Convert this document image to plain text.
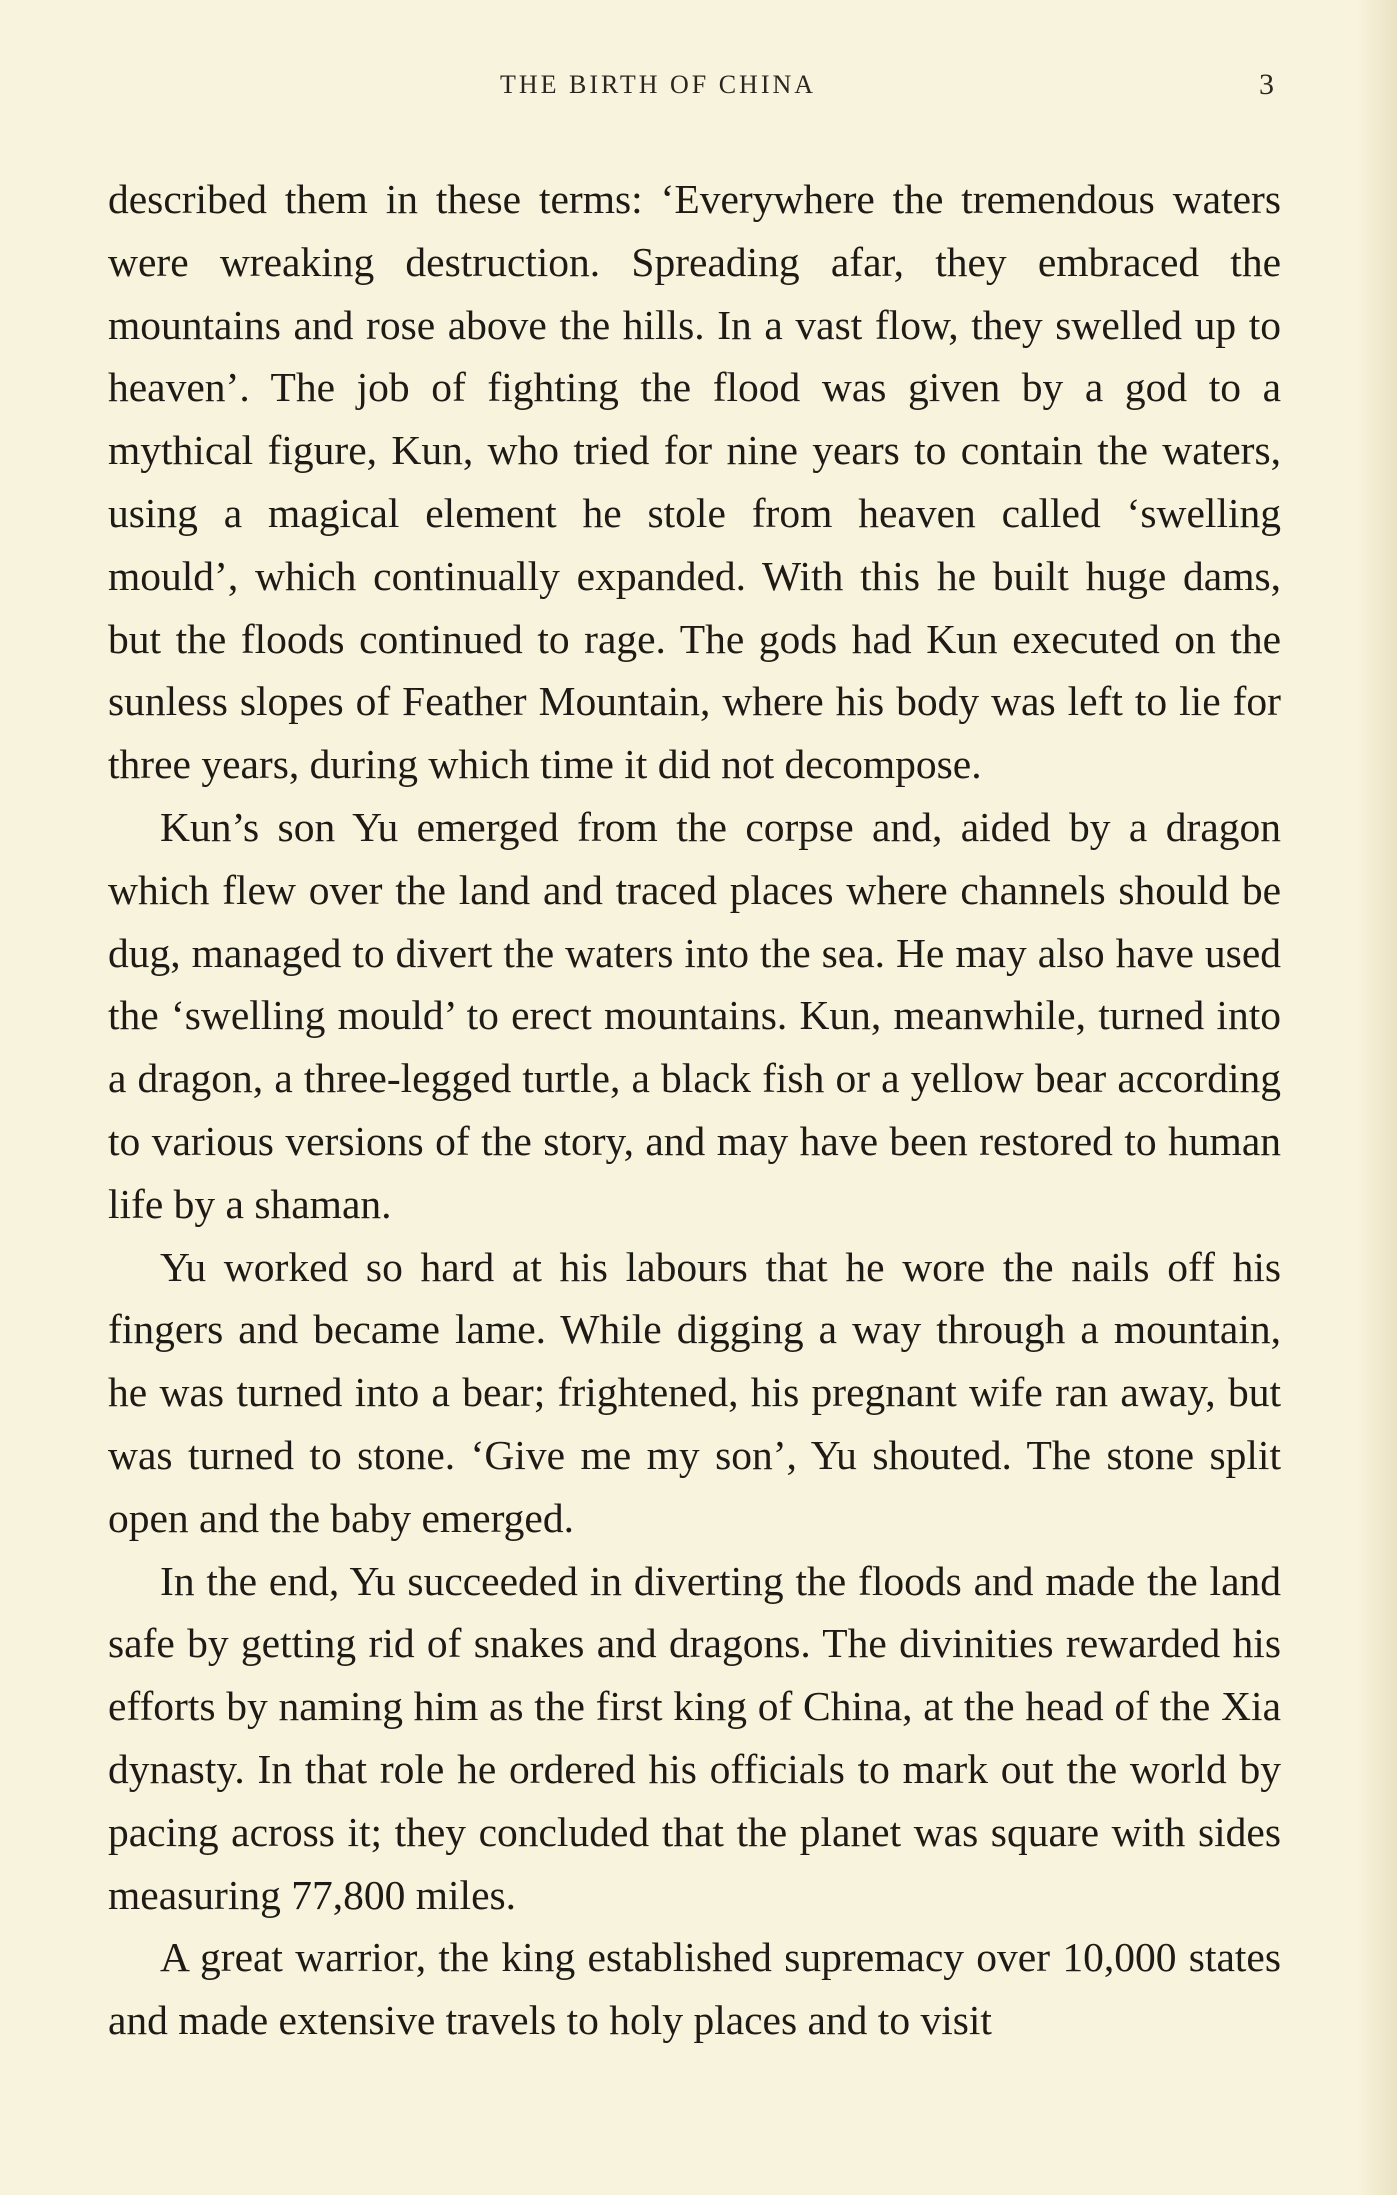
THE BIRTH OF CHINA	3

described them in these terms: ‘Everywhere the tremendous waters were wreaking destruction. Spreading afar, they embraced the mountains and rose above the hills. In a vast flow, they swelled up to heaven’. The job of fighting the flood was given by a god to a mythical figure, Kun, who tried for nine years to contain the waters, using a magical element he stole from heaven called ‘swelling mould’, which continually expanded. With this he built huge dams, but the floods continued to rage. The gods had Kun executed on the sunless slopes of Feather Mountain, where his body was left to lie for three years, during which time it did not decompose.

Kun’s son Yu emerged from the corpse and, aided by a dragon which flew over the land and traced places where channels should be dug, managed to divert the waters into the sea. He may also have used the ‘swelling mould’ to erect mountains. Kun, meanwhile, turned into a dragon, a three-legged turtle, a black fish or a yellow bear according to various versions of the story, and may have been restored to human life by a shaman.

Yu worked so hard at his labours that he wore the nails off his fingers and became lame. While digging a way through a mountain, he was turned into a bear; frightened, his pregnant wife ran away, but was turned to stone. ‘Give me my son’, Yu shouted. The stone split open and the baby emerged.

In the end, Yu succeeded in diverting the floods and made the land safe by getting rid of snakes and dragons. The divinities rewarded his efforts by naming him as the first king of China, at the head of the Xia dynasty. In that role he ordered his officials to mark out the world by pacing across it; they concluded that the planet was square with sides measuring 77,800 miles.

A great warrior, the king established supremacy over 10,000 states and made extensive travels to holy places and to visit
